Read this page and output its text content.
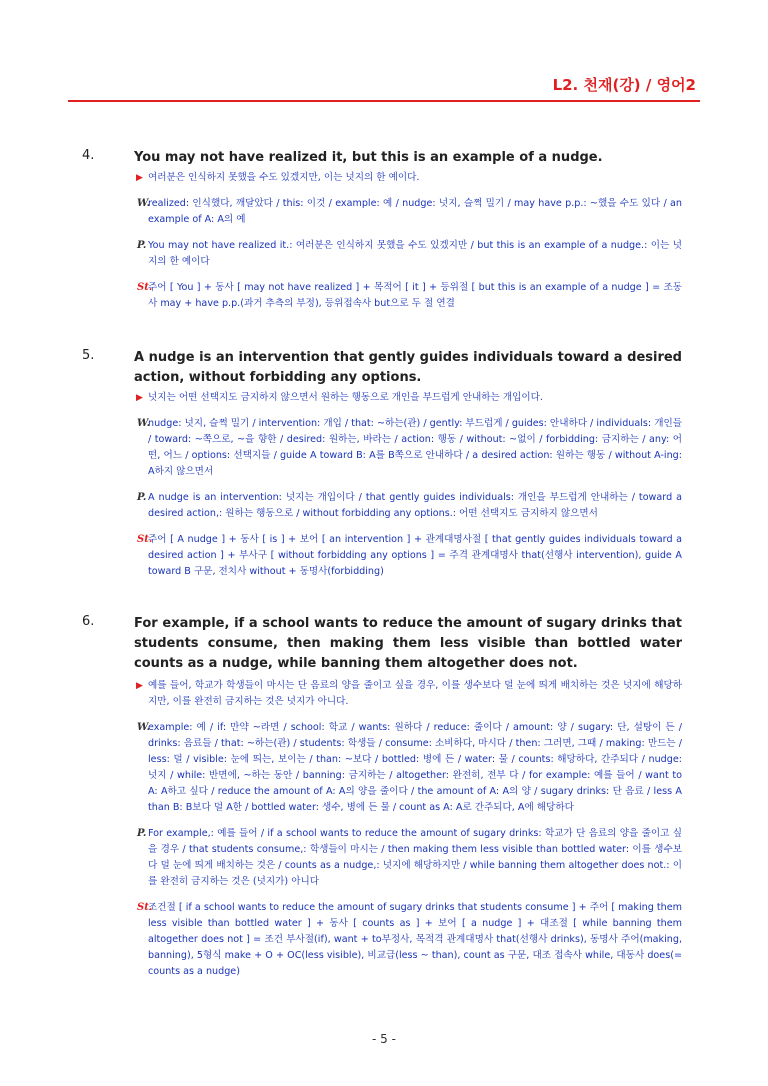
L2. 천재(강) / 영어2
4.	You may not have realized it, but this is an example of a nudge.
▶ 여러분은 인식하지 못했을 수도 있겠지만, 이는 넛지의 한 예이다.
W.
realized: 인식했다, 깨달았다 / this: 이것 / example: 예 / nudge: 넛지, 슬쩍 밀기 / may have p.p.: ~했을 수도 있다 / an example of A: A의 예
P. You may not have realized it.: 여러분은 인식하지 못했을 수도 있겠지만 / but this is an example of a nudge.: 이는 넛지의 한 예이다
St.
주어 [ You ] + 동사 [ may not have realized ] + 목적어 [ it ] + 등위절 [ but this is an example of a nudge ] = 조동사 may + have p.p.(과거 추측의 부정), 등위접속사 but으로 두 절 연결
5.	A nudge is an intervention that gently guides individuals toward a desired action, without forbidding any options.
▶ 넛지는 어떤 선택지도 금지하지 않으면서 원하는 행동으로 개인을 부드럽게 안내하는 개입이다.
W.
nudge: 넛지, 슬쩍 밀기 / intervention: 개입 / that: ~하는(관) / gently: 부드럽게 / guides: 안내하다 / individuals: 개인들 / toward: ~쪽으로, ~을 향한 / desired: 원하는, 바라는 / action: 행동 / without: ~없이 / forbidding: 금지하는 / any: 어떤, 어느 / options: 선택지들 / guide A toward B: A를 B쪽으로 안내하다 / a desired action: 원하는 행동 / without A-ing: A하지 않으면서
P. A nudge is an intervention: 넛지는 개입이다 / that gently guides individuals: 개인을 부드럽게 안내하는 / toward a desired action,: 원하는 행동으로 / without forbidding any options.: 어떤 선택지도 금지하지 않으면서
St.
주어 [ A nudge ] + 동사 [ is ] + 보어 [ an intervention ] + 관계대명사절 [ that gently guides individuals toward a desired action ] + 부사구 [ without forbidding any options ] = 주격 관계대명사 that(선행사 intervention), guide A toward B 구문, 전치사 without + 동명사(forbidding)
6.	For example, if a school wants to reduce the amount of sugary drinks that students consume, then making them less visible than bottled water counts as a nudge, while banning them altogether does not.
▶ 예를 들어, 학교가 학생들이 마시는 단 음료의 양을 줄이고 싶을 경우, 이를 생수보다 덜 눈에 띄게 배치하는 것은 넛지에 해당하지만, 이를 완전히 금지하는 것은 넛지가 아니다.
W.
example: 예 / if: 만약 ~라면 / school: 학교 / wants: 원하다 / reduce: 줄이다 / amount: 양 / sugary: 단, 설탕이 든 / drinks: 음료들 / that: ~하는(관) / students: 학생들 / consume: 소비하다, 마시다 / then: 그러면, 그때 / making: 만드는 / less: 덜 / visible: 눈에 띄는, 보이는 / than: ~보다 / bottled: 병에 든 / water: 물 / counts: 해당하다, 간주되다 / nudge: 넛지 / while: 반면에, ~하는 동안 / banning: 금지하는 / altogether: 완전히, 전부 다 / for example: 예를 들어 / want to A: A하고 싶다 / reduce the amount of A: A의 양을 줄이다 / the amount of A: A의 양 / sugary drinks: 단 음료 / less A than B: B보다 덜 A한 / bottled water: 생수, 병에 든 물 / count as A: A로 간주되다, A에 해당하다
P. For example,: 예를 들어 / if a school wants to reduce the amount of sugary drinks: 학교가 단 음료의 양을 줄이고 싶을 경우 / that students consume,: 학생들이 마시는 / then making them less visible than bottled water: 이를 생수보다 덜 눈에 띄게 배치하는 것은 / counts as a nudge,: 넛지에 해당하지만 / while banning them altogether does not.: 이를 완전히 금지하는 것은 (넛지가) 아니다
St.
조건절 [ if a school wants to reduce the amount of sugary drinks that students consume ] + 주어 [ making them less visible than bottled water ] + 동사 [ counts as ] + 보어 [ a nudge ] + 대조절 [ while banning them altogether does not ] = 조건 부사절(if), want + to부정사, 목적격 관계대명사 that(선행사 drinks), 동명사 주어(making, banning), 5형식 make + O + OC(less visible), 비교급(less ~ than), count as 구문, 대조 접속사 while, 대동사 does(= counts as a nudge)
- 5 -
